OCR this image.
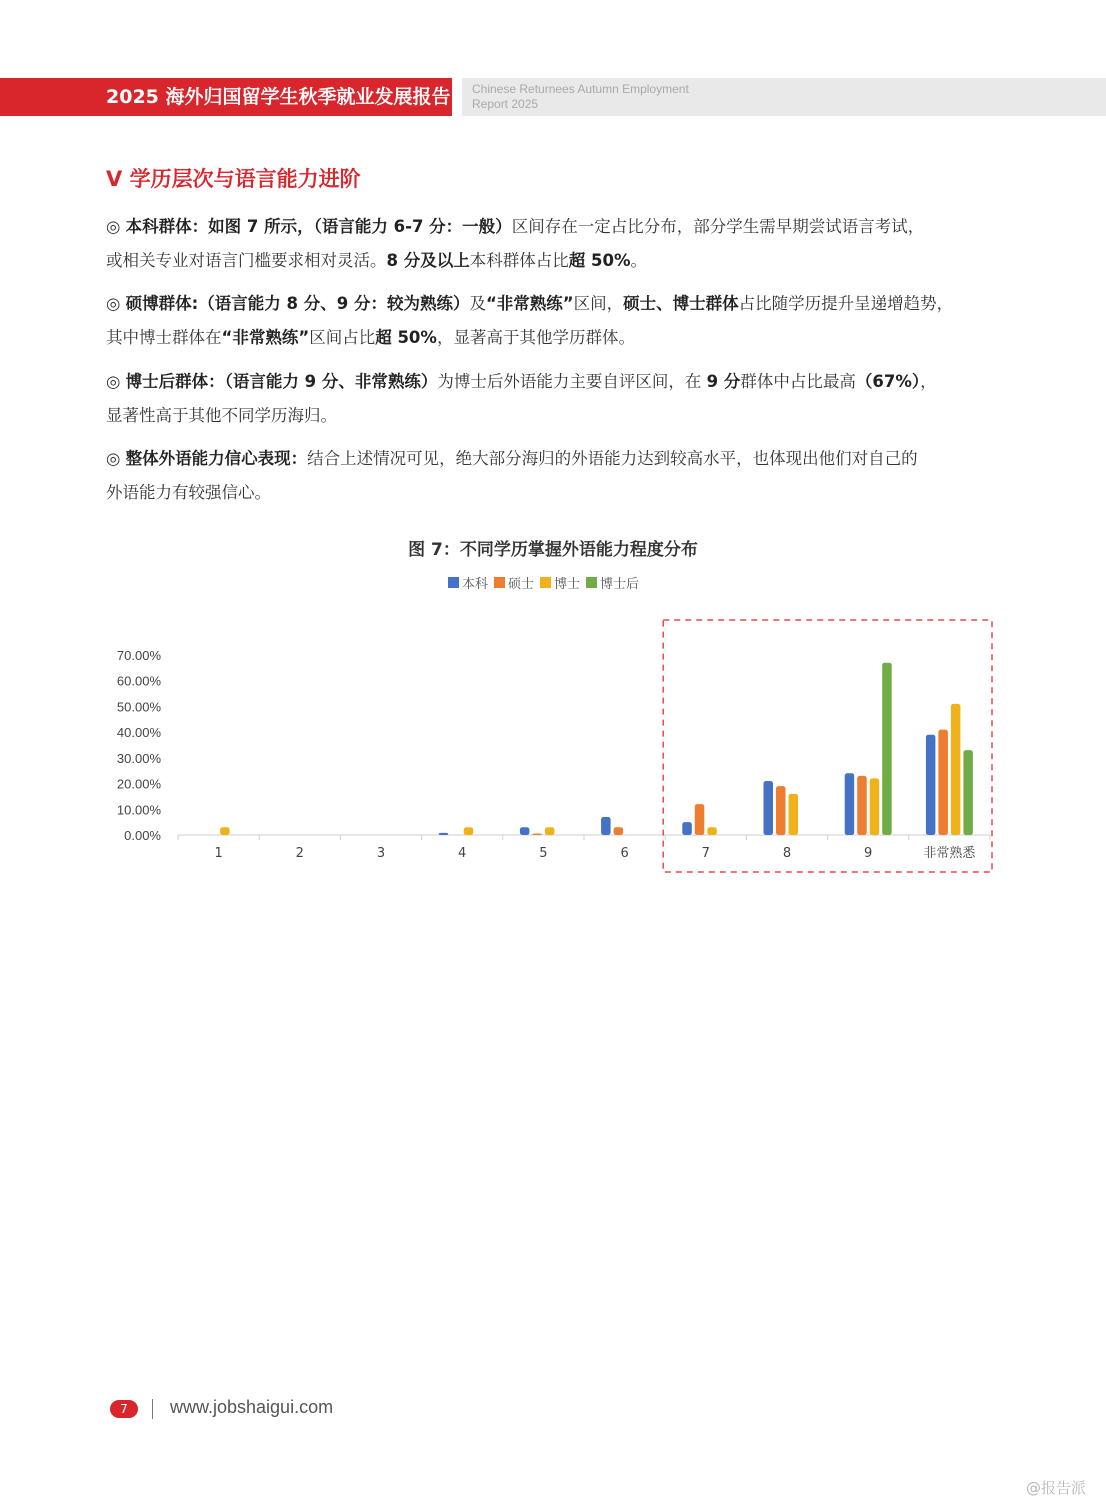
2025 海外归国留学生秋季就业发展报告 Chinese Returnees Autumn Employment
Report 2025
Ⅴ 学历层次与语言能力进阶
◎ 本科群体：如图 7 所示，（语言能力 6-7 分：一般）区间存在一定占比分布，部分学生需早期尝试语言考试，
或相关专业对语言门槛要求相对灵活。8 分及以上本科群体占比超 50%。
◎ 硕博群体:（语言能力 8 分、9 分：较为熟练）及“非常熟练”区间，硕士、博士群体占比随学历提升呈递增趋势，
其中博士群体在“非常熟练”区间占比超 50%，显著高于其他学历群体。
◎ 博士后群体：（语言能力 9 分、非常熟练）为博士后外语能力主要自评区间，在 9 分群体中占比最高（67%），
显著性高于其他不同学历海归。
◎ 整体外语能力信心表现：结合上述情况可见，绝大部分海归的外语能力达到较高水平，也体现出他们对自己的
外语能力有较强信心。
图 7：不同学历掌握外语能力程度分布
本科 硕士 博士 博士后
0.00%
10.00%
20.00%
30.00%
40.00%
50.00%
60.00%
70.00%
1	2	3	4	5	6	7	8	9	非常熟悉
7	www.jobshaigui.com
@报告派
